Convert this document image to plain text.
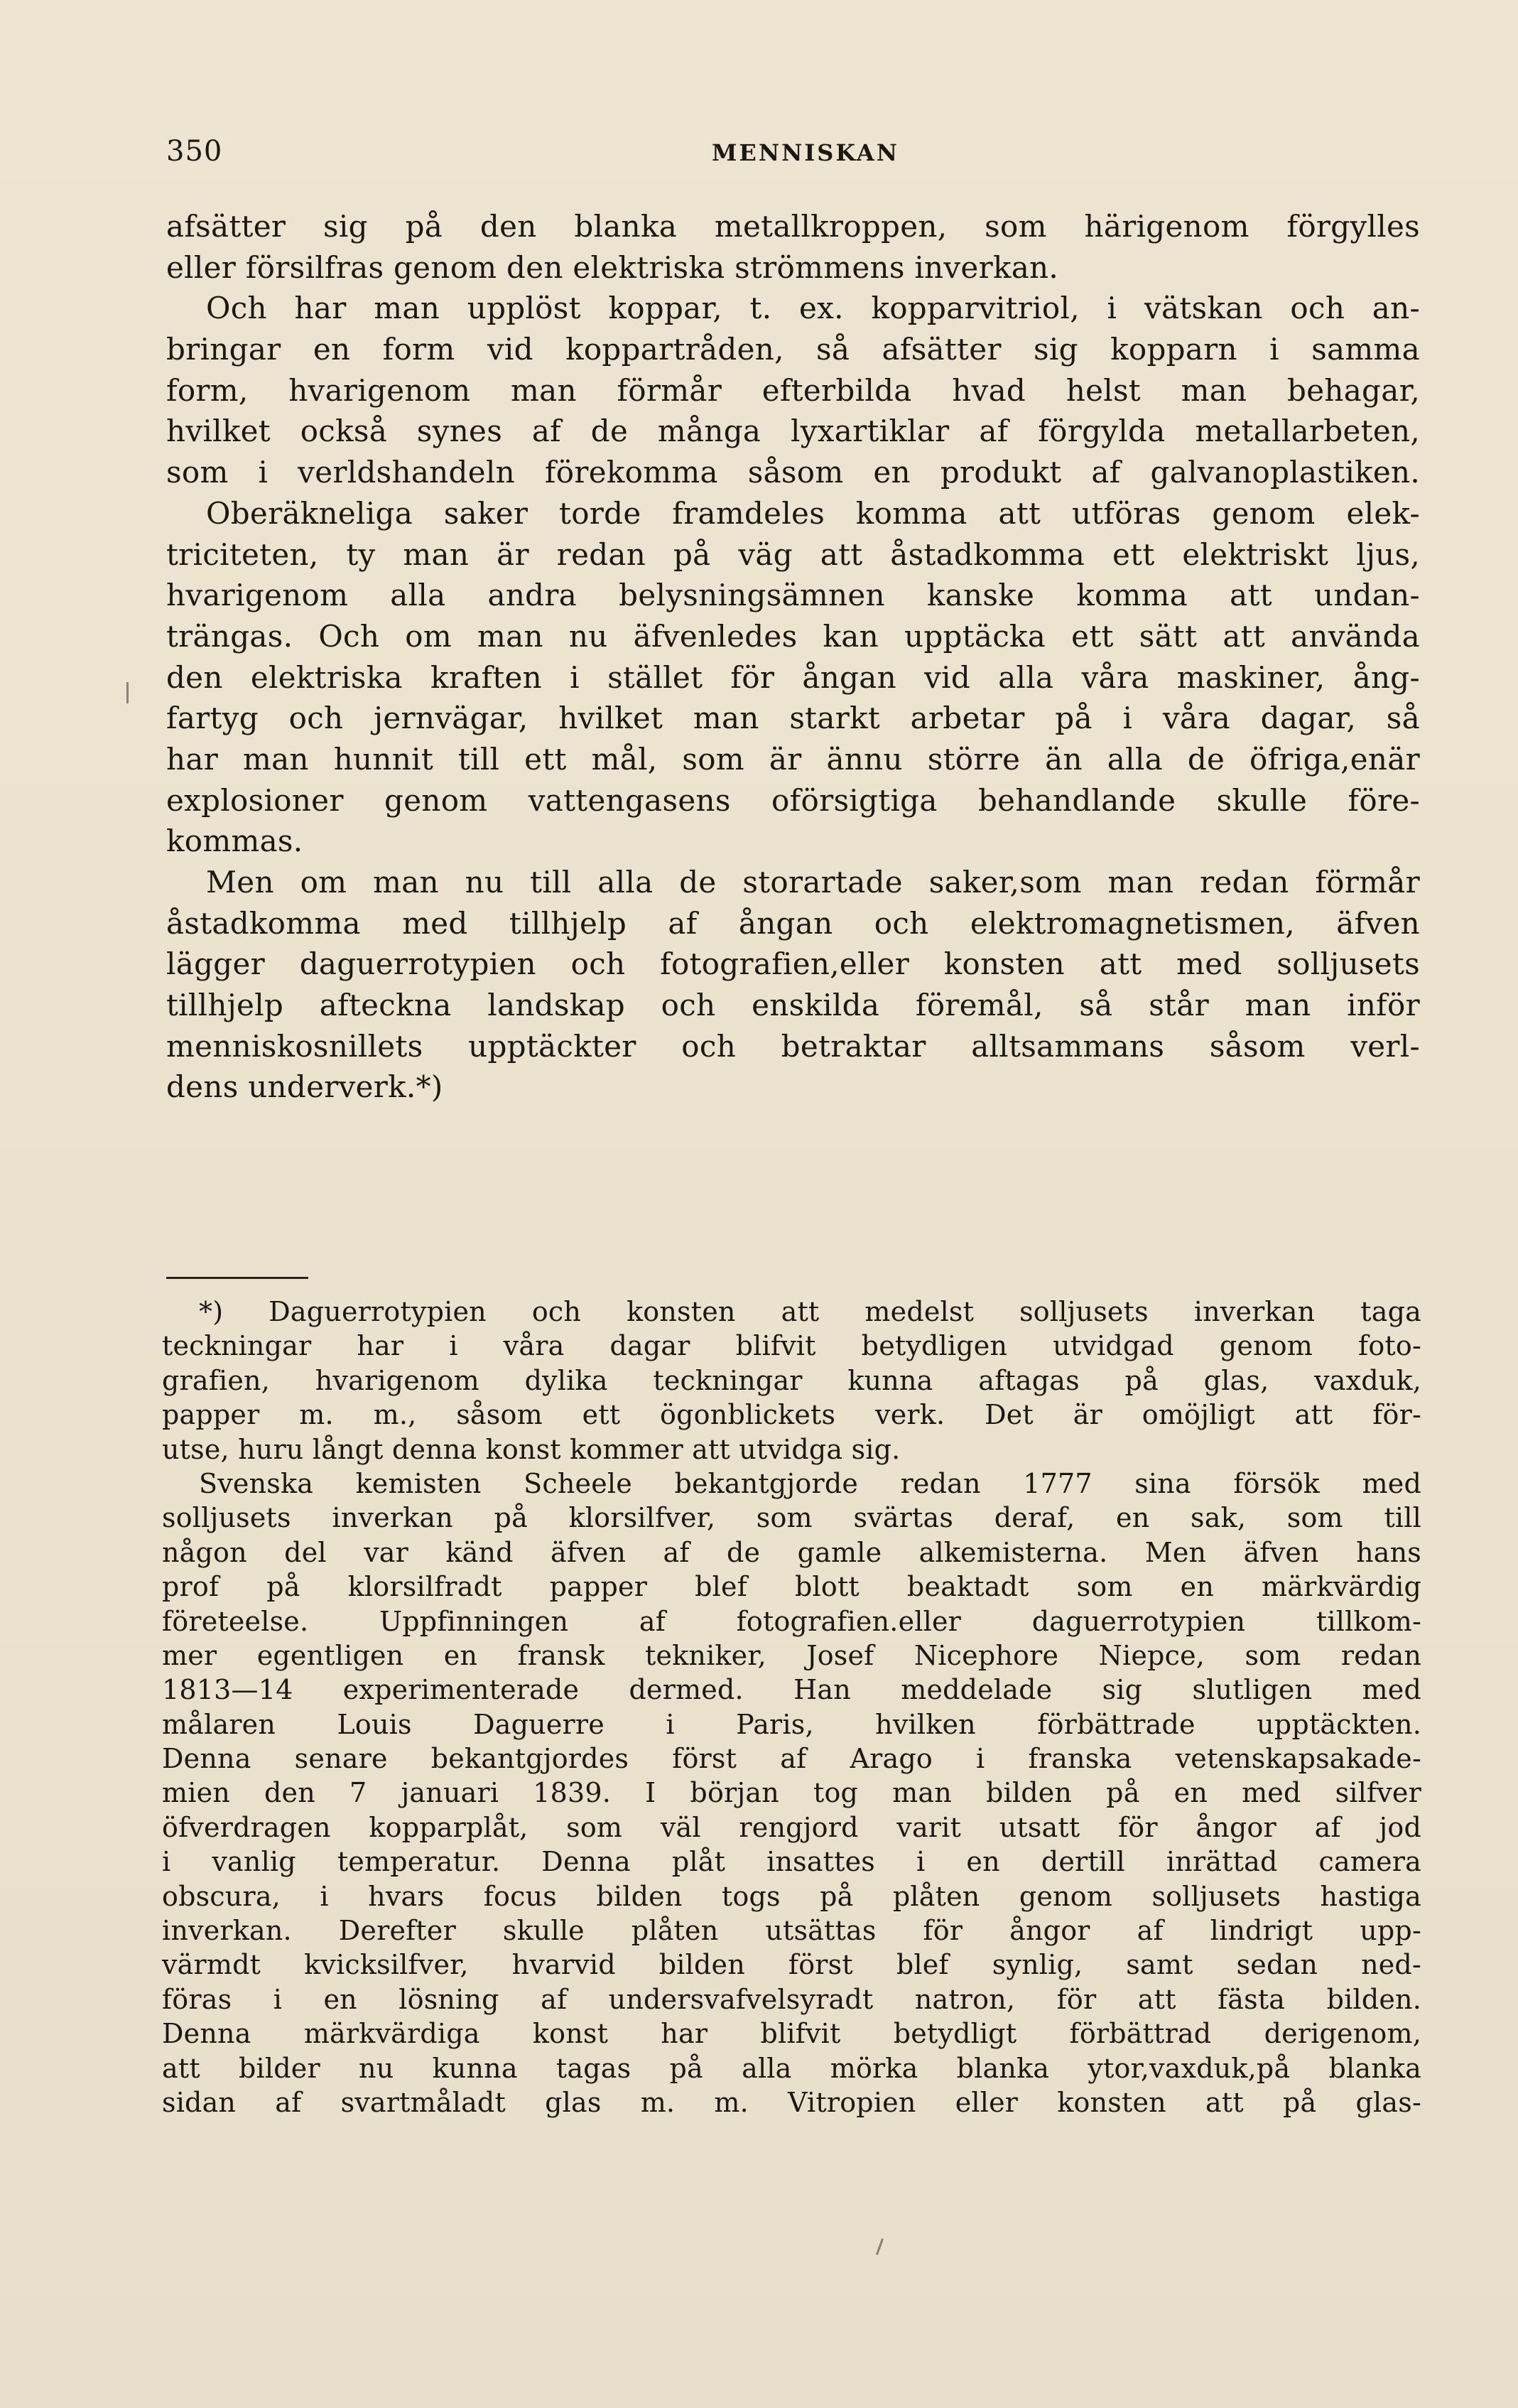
350	MENNISKAN
afsätter sig på den blanka metallkroppen, som härigenom förgylles
eller försilfras genom den elektriska strömmens inverkan.
Och har man upplöst koppar, t. ex. kopparvitriol, i vätskan och an-
bringar en form vid koppartråden, så afsätter sig kopparn i samma
form, hvarigenom man förmår efterbilda hvad helst man behagar,
hvilket också synes af de många lyxartiklar af förgylda metallarbeten,
som i verldshandeln förekomma såsom en produkt af galvanoplastiken.
Oberäkneliga saker torde framdeles komma att utföras genom elek-
triciteten, ty man är redan på väg att åstadkomma ett elektriskt ljus,
hvarigenom alla andra belysningsämnen kanske komma att undan-
trängas. Och om man nu äfvenledes kan upptäcka ett sätt att använda
den elektriska kraften i stället för ångan vid alla våra maskiner, ång-
fartyg och jernvägar, hvilket man starkt arbetar på i våra dagar, så
har man hunnit till ett mål, som är ännu större än alla de öfriga,enär
explosioner genom vattengasens oförsigtiga behandlande skulle före-
kommas.
Men om man nu till alla de storartade saker,som man redan förmår
åstadkomma med tillhjelp af ångan och elektromagnetismen, äfven
lägger daguerrotypien och fotografien,eller konsten att med solljusets
tillhjelp afteckna landskap och enskilda föremål, så står man inför
menniskosnillets upptäckter och betraktar alltsammans såsom verl-
dens underverk.*)
*) Daguerrotypien och konsten att medelst solljusets inverkan taga
teckningar har i våra dagar blifvit betydligen utvidgad genom foto-
grafien, hvarigenom dylika teckningar kunna aftagas på glas, vaxduk,
papper m. m., såsom ett ögonblickets verk. Det är omöjligt att för-
utse, huru långt denna konst kommer att utvidga sig.
Svenska kemisten Scheele bekantgjorde redan 1777 sina försök med
solljusets inverkan på klorsilfver, som svärtas deraf, en sak, som till
någon del var känd äfven af de gamle alkemisterna. Men äfven hans
prof på klorsilfradt papper blef blott beaktadt som en märkvärdig
företeelse. Uppfinningen af fotografien.eller daguerrotypien tillkom-
mer egentligen en fransk tekniker, Josef Nicephore Niepce, som redan
1813—14 experimenterade dermed. Han meddelade sig slutligen med
målaren Louis Daguerre i Paris, hvilken förbättrade upptäckten.
Denna senare bekantgjordes först af Arago i franska vetenskapsakade-
mien den 7 januari 1839. I början tog man bilden på en med silfver
öfverdragen kopparplåt, som väl rengjord varit utsatt för ångor af jod
i vanlig temperatur. Denna plåt insattes i en dertill inrättad camera
obscura, i hvars focus bilden togs på plåten genom solljusets hastiga
inverkan. Derefter skulle plåten utsättas för ångor af lindrigt upp-
värmdt kvicksilfver, hvarvid bilden först blef synlig, samt sedan ned-
föras i en lösning af undersvafvelsyradt natron, för att fästa bilden.
Denna märkvärdiga konst har blifvit betydligt förbättrad derigenom,
att bilder nu kunna tagas på alla mörka blanka ytor,vaxduk,på blanka
sidan af svartmåladt glas m. m. Vitropien eller konsten att på glas-
